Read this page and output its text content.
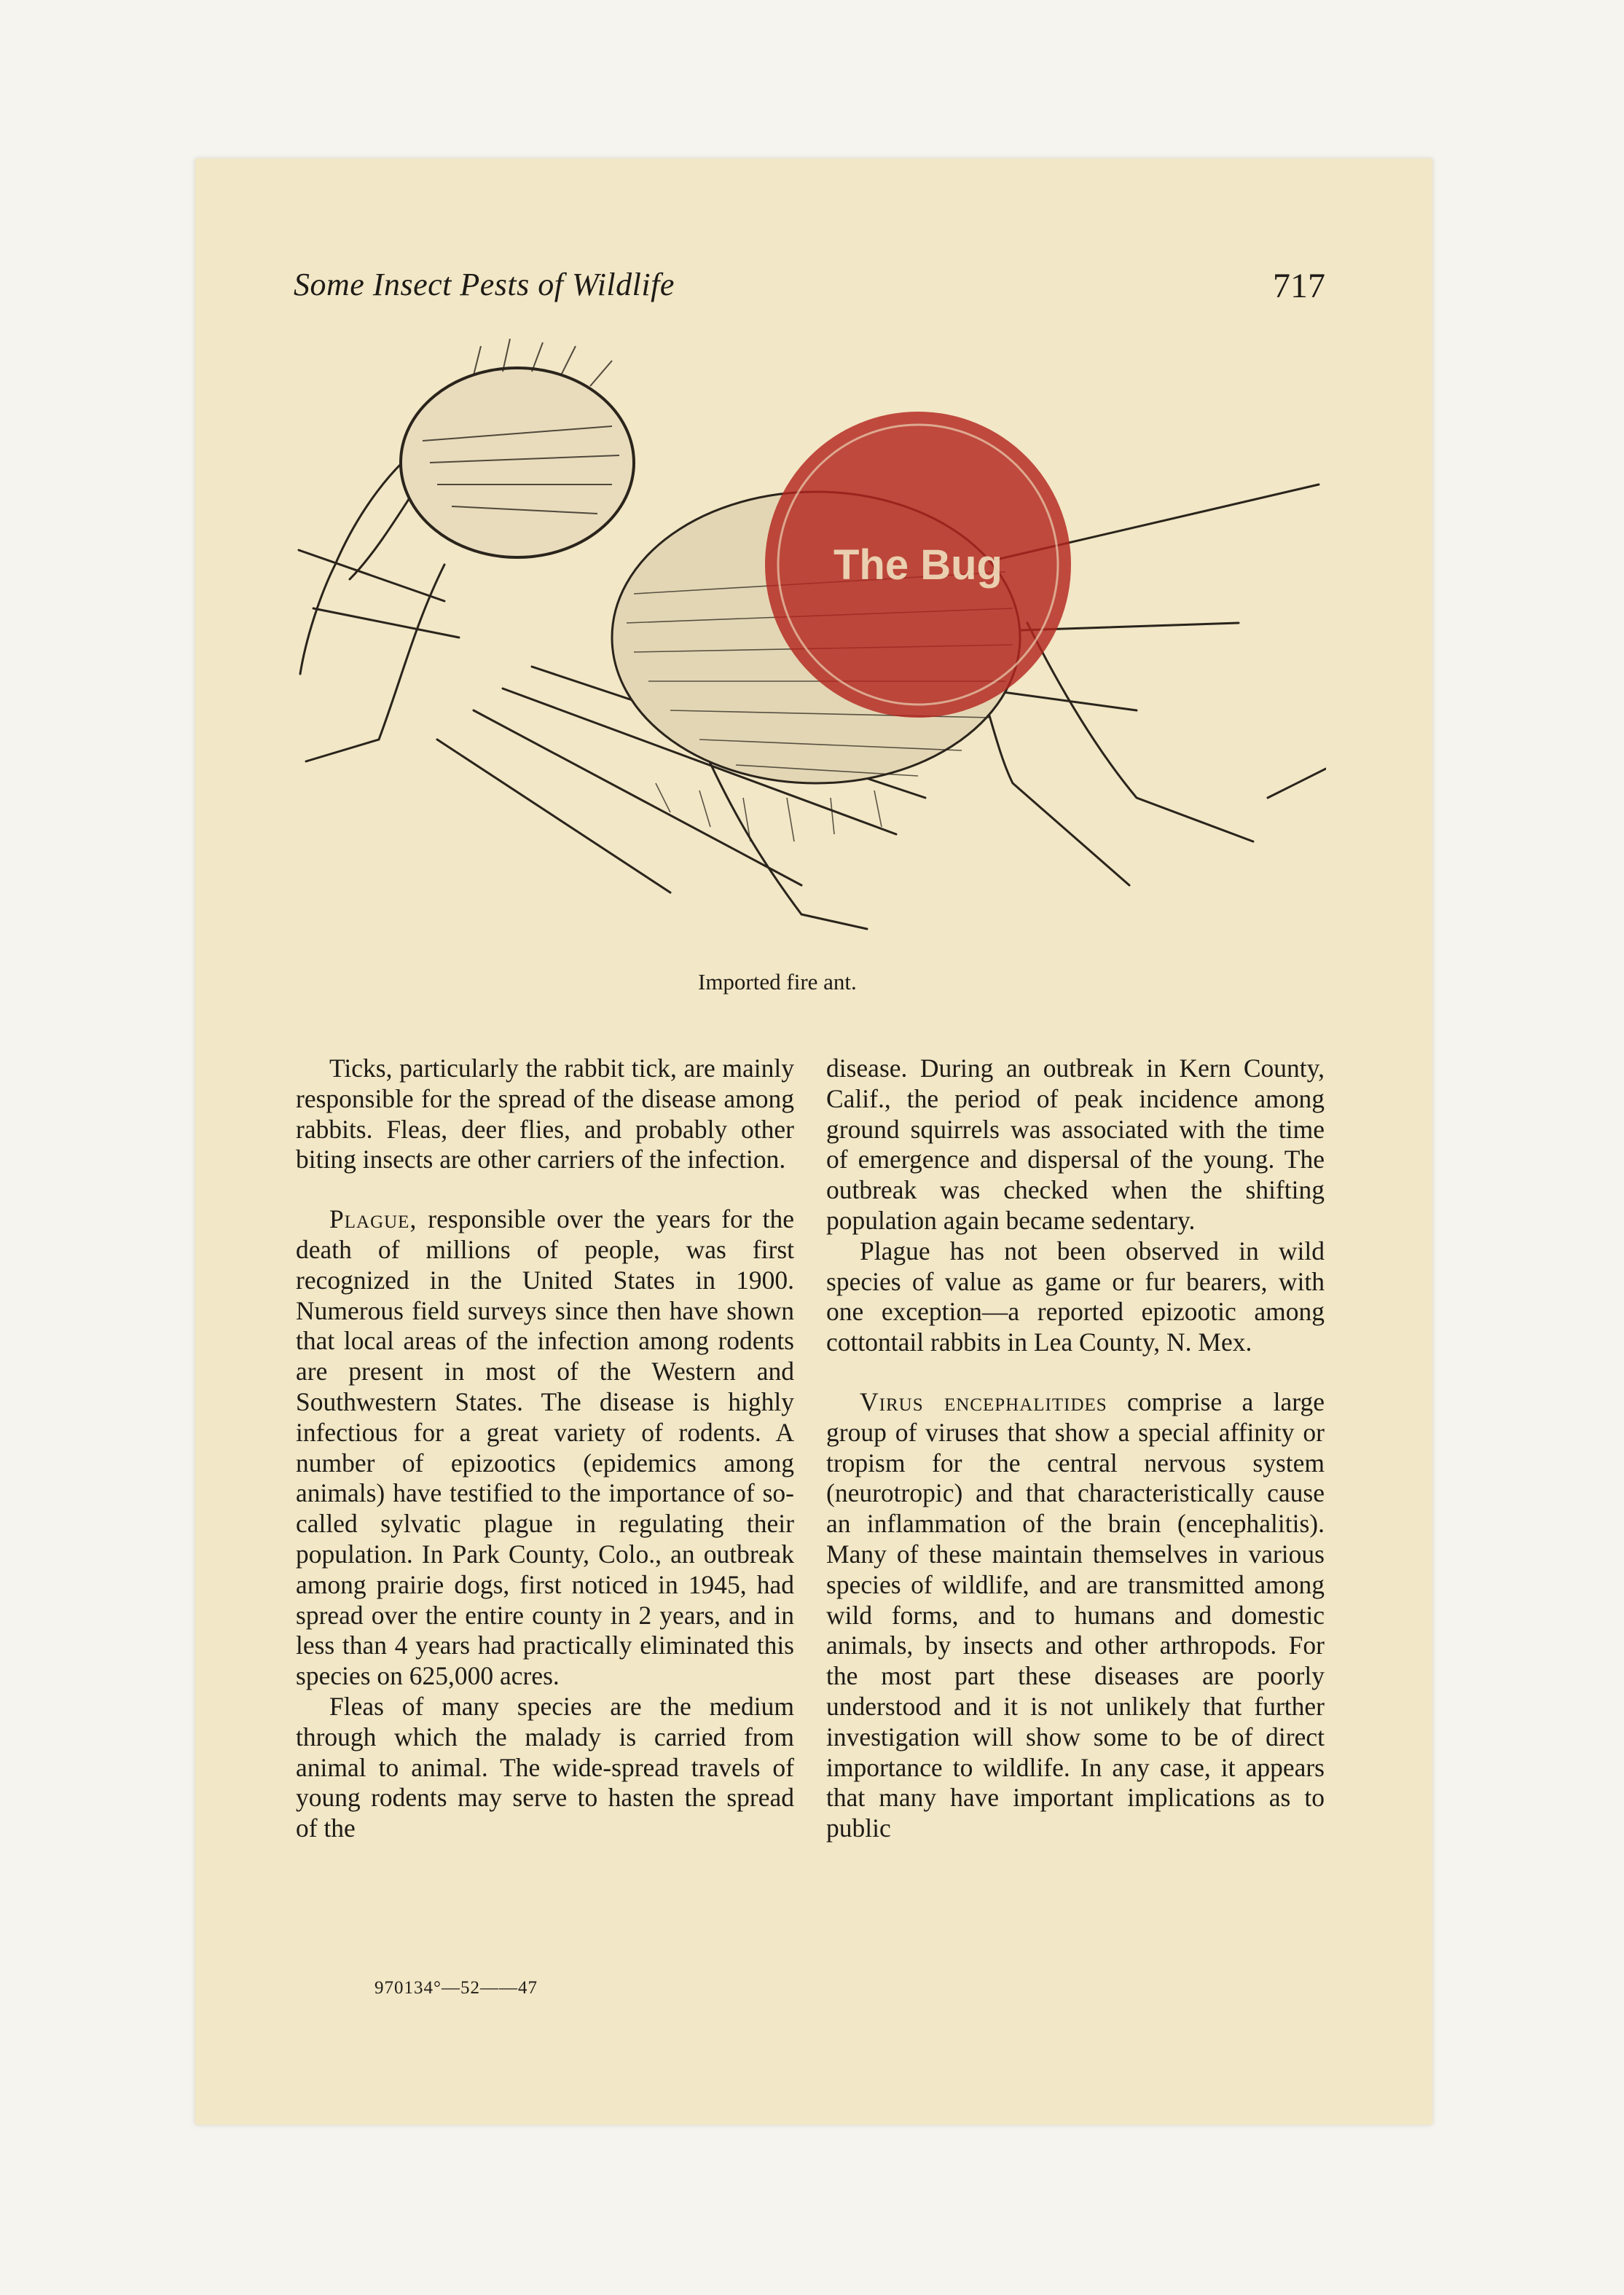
Some Insect Pests of Wildlife	717
The Bug
Imported fire ant.

Ticks, particularly the rabbit tick, are mainly responsible for the spread of the disease among rabbits. Fleas, deer flies, and probably other biting insects are other carriers of the infection.

Plague, responsible over the years for the death of millions of people, was first recognized in the United States in 1900. Numerous field surveys since then have shown that local areas of the infection among rodents are present in most of the Western and Southwestern States. The disease is highly infectious for a great variety of rodents. A number of epizootics (epidemics among animals) have testified to the importance of so-called sylvatic plague in regulating their population. In Park County, Colo., an outbreak among prairie dogs, first noticed in 1945, had spread over the entire county in 2 years, and in less than 4 years had practically eliminated this species on 625,000 acres.

Fleas of many species are the medium through which the malady is carried from animal to animal. The wide-spread travels of young rodents may serve to hasten the spread of the

disease. During an outbreak in Kern County, Calif., the period of peak incidence among ground squirrels was associated with the time of emergence and dispersal of the young. The outbreak was checked when the shifting population again became sedentary.

Plague has not been observed in wild species of value as game or fur bearers, with one exception—a reported epizootic among cottontail rabbits in Lea County, N. Mex.

Virus encephalitides comprise a large group of viruses that show a special affinity or tropism for the central nervous system (neurotropic) and that characteristically cause an inflammation of the brain (encephalitis). Many of these maintain themselves in various species of wildlife, and are transmitted among wild forms, and to humans and domestic animals, by insects and other arthropods. For the most part these diseases are poorly understood and it is not unlikely that further investigation will show some to be of direct importance to wildlife. In any case, it appears that many have important implications as to public

970134°—52——47
